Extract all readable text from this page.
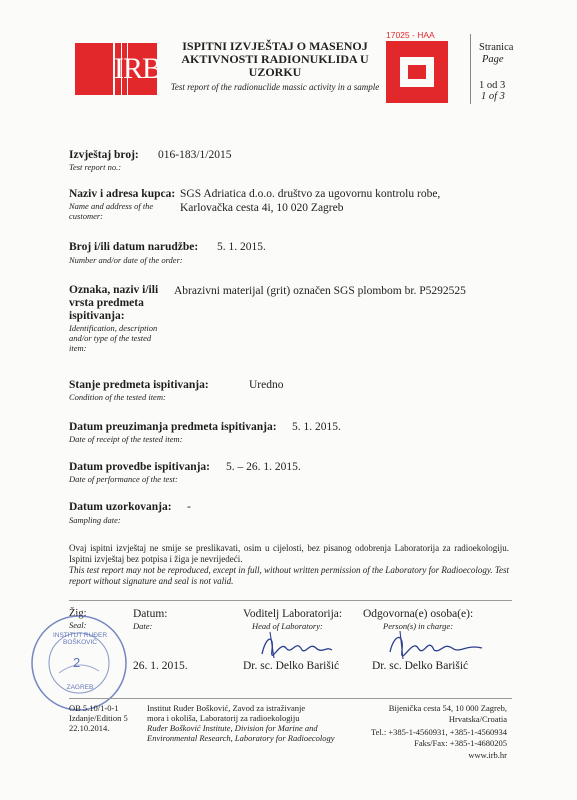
IRB
ISPITNI IZVJEŠTAJ O MASENOJ AKTIVNOSTI RADIONUKLIDA U UZORKU
Test report of the radionuclide massic activity in a sample
17025 - HAA
1162
Stranica
Page
1 od 3
1 of 3
Izvještaj broj: 016-183/1/2015
Test report no.:
Naziv i adresa kupca:
Name and address of the customer:
SGS Adriatica d.o.o. društvo za ugovornu kontrolu robe,
Karlovačka cesta 4i, 10 020 Zagreb
Broj i/ili datum narudžbe: 5. 1. 2015.
Number and/or date of the order:
Oznaka, naziv i/ili vrsta predmeta ispitivanja:
Identification, description and/or type of the tested item:
Abrazivni materijal (grit) označen SGS plombom br. P5292525
Stanje predmeta ispitivanja:	Uredno
Condition of the tested item:
Datum preuzimanja predmeta ispitivanja: 5. 1. 2015.
Date of receipt of the tested item:
Datum provedbe ispitivanja: 5. – 26. 1. 2015.
Date of performance of the test:
Datum uzorkovanja: -
Sampling date:
Ovaj ispitni izvještaj ne smije se preslikavati, osim u cijelosti, bez pisanog odobrenja Laboratorija za radioekologiju. Ispitni izvještaj bez potpisa i žiga je nevrijedeći.
This test report may not be reproduced, except in full, without written permission of the Laboratory for Radioecology. Test report without signature and seal is not valid.
Žig:
Seal:
INSTITUT RUĐER BOŠKOVIĆ
2
ZAGREB
Datum:
Date:
26. 1. 2015.
Voditelj Laboratorija:
Head of Laboratory:
Dr. sc. Delko Barišić
Odgovorna(e) osoba(e):
Person(s) in charge:
Dr. sc. Delko Barišić
OB 5.10/1-0-1
Izdanje/Edition 5
22.10.2014.
Institut Ruđer Bošković, Zavod za istraživanje
mora i okoliša, Laboratorij za radioekologiju
Ruđer Bošković Institute, Division for Marine and Environmental Research, Laboratory for Radioecology
Bijenička cesta 54, 10 000 Zagreb,
Hrvatska/Croatia
Tel.: +385-1-4560931, +385-1-4560934
Faks/Fax: +385-1-4680205
www.irb.hr
